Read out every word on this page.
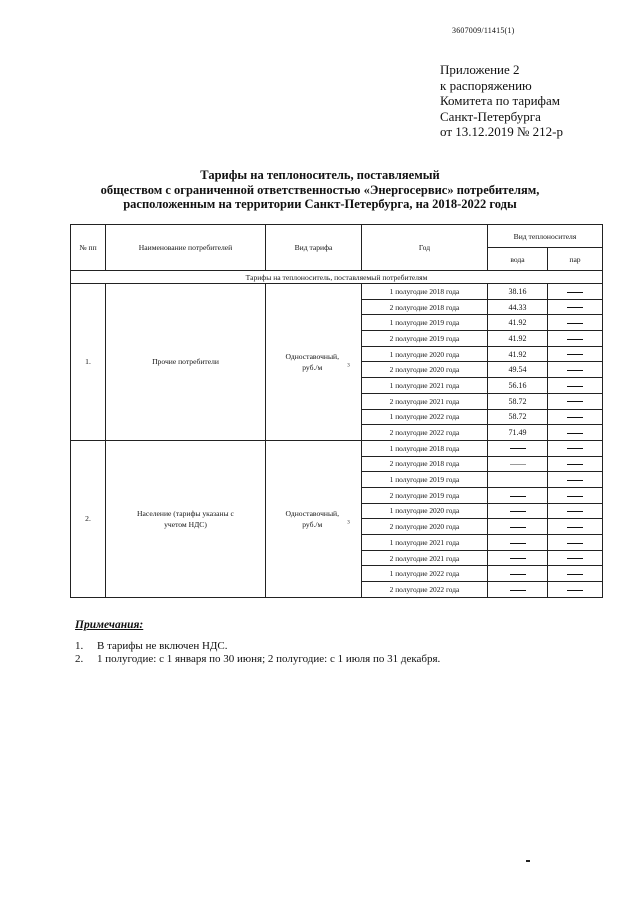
3607009/11415(1)
Приложение 2
к распоряжению
Комитета по тарифам
Санкт-Петербурга
от 13.12.2019 № 212-р
Тарифы на теплоноситель, поставляемый
обществом с ограниченной ответственностью «Энергосервис» потребителям,
расположенным на территории Санкт-Петербурга, на 2018-2022 годы
№ пп	Наименование потребителей	Вид тарифа	Год	Вид теплоносителя	
				вода	пар
Тарифы на теплоноситель, поставляемый потребителям					
1.	Прочие потребители	Одноставочный, руб./м $^3$	1 полугодие 2018 года	38.16	
			2 полугодие 2018 года	44.33	
			1 полугодие 2019 года	41.92	
			2 полугодие 2019 года	41.92	
			1 полугодие 2020 года	41.92	
			2 полугодие 2020 года	49.54	
			1 полугодие 2021 года	56.16	
			2 полугодие 2021 года	58.72	
			1 полугодие 2022 года	58.72	
			2 полугодие 2022 года	71.49	
2.	Население (тарифы указаны с учетом НДС)	Одноставочный, руб./м $^3$	1 полугодие 2018 года		
			2 полугодие 2018 года		
			1 полугодие 2019 года		
			2 полугодие 2019 года		
			1 полугодие 2020 года		
			2 полугодие 2020 года		
			1 полугодие 2021 года		
			2 полугодие 2021 года		
			1 полугодие 2022 года		
			2 полугодие 2022 года		
Примечания:
1. В тарифы не включен НДС.
2. 1 полугодие: с 1 января по 30 июня; 2 полугодие: с 1 июля по 31 декабря.
